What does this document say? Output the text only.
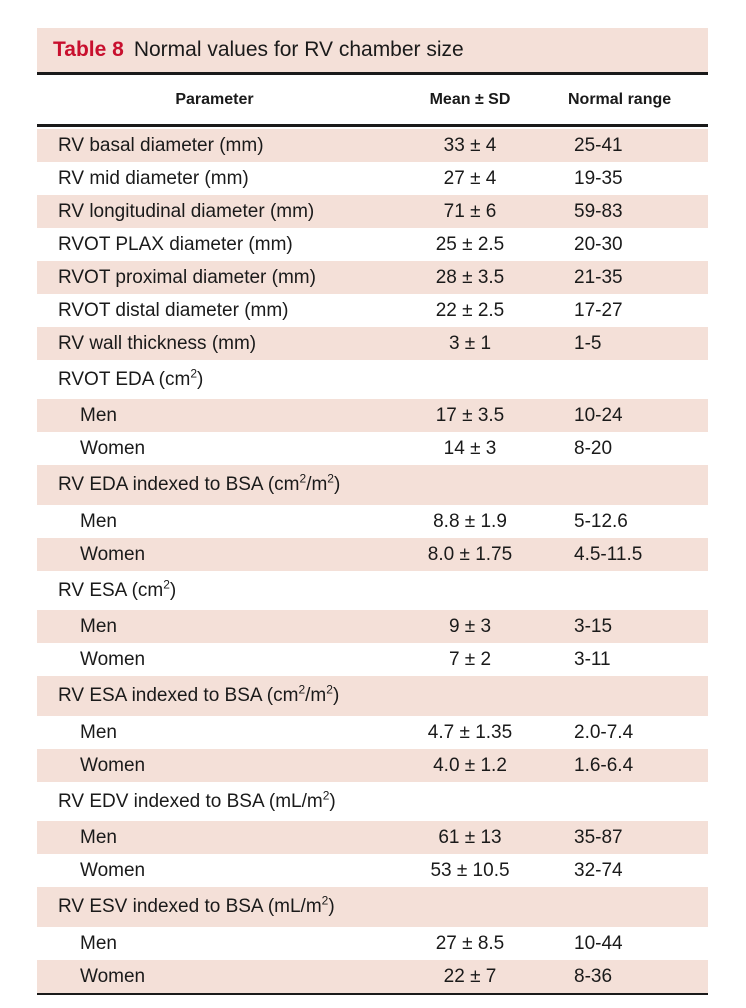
Table 8 Normal values for RV chamber size
Parameter	Mean ± SD	Normal range
RV basal diameter (mm)	33 ± 4	25-41
RV mid diameter (mm)	27 ± 4	19-35
RV longitudinal diameter (mm)	71 ± 6	59-83
RVOT PLAX diameter (mm)	25 ± 2.5	20-30
RVOT proximal diameter (mm)	28 ± 3.5	21-35
RVOT distal diameter (mm)	22 ± 2.5	17-27
RV wall thickness (mm)	3 ± 1	1-5
RVOT EDA $(cm^2)$
Men	17 ± 3.5	10-24
Women	14 ± 3	8-20
RV EDA indexed to BSA $(cm^2/m^2)$
Men	8.8 ± 1.9	5-12.6
Women	8.0 ± 1.75	4.5-11.5
RV ESA $(cm^2)$
Men	9 ± 3	3-15
Women	7 ± 2	3-11
RV ESA indexed to BSA $(cm^2/m^2)$
Men	4.7 ± 1.35	2.0-7.4
Women	4.0 ± 1.2	1.6-6.4
RV EDV indexed to BSA $(mL/m^2)$
Men	61 ± 13	35-87
Women	53 ± 10.5	32-74
RV ESV indexed to BSA $(mL/m^2)$
Men	27 ± 8.5	10-44
Women	22 ± 7	8-36
